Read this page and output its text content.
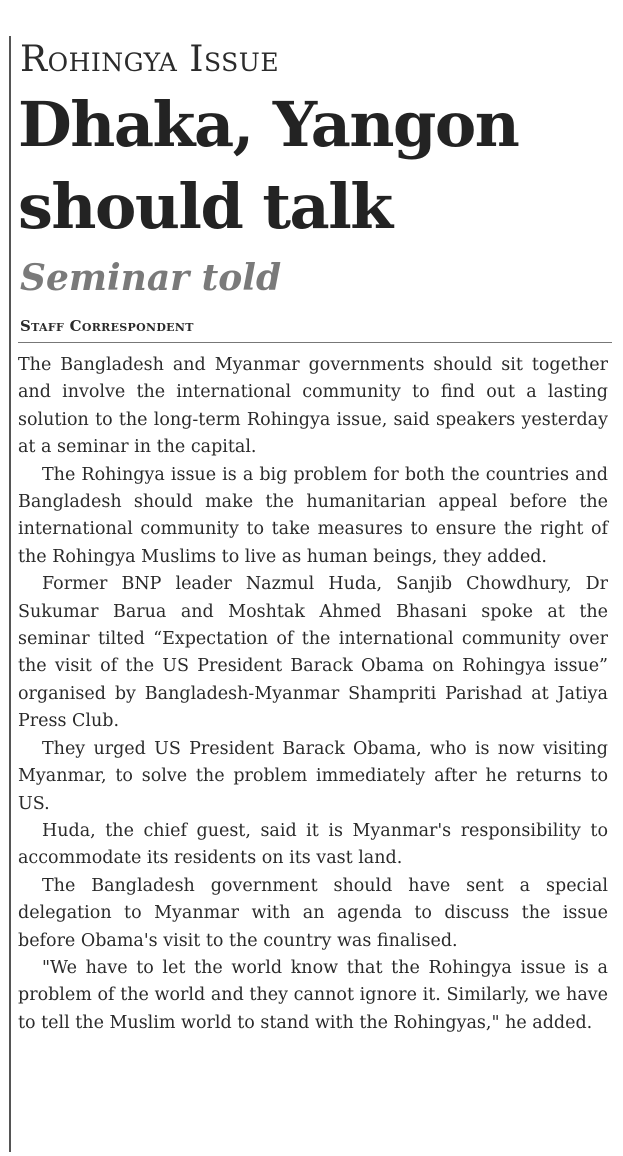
Rohingya Issue
Dhaka, Yangon should talk
Seminar told
Staff Correspondent

The Bangladesh and Myanmar governments should sit together and involve the international community to find out a lasting solution to the long-term Rohingya issue, said speakers yesterday at a seminar in the capital.

The Rohingya issue is a big problem for both the countries and Bangladesh should make the humanitarian appeal before the international community to take measures to ensure the right of the Rohingya Muslims to live as human beings, they added.

Former BNP leader Nazmul Huda, Sanjib Chowdhury, Dr Sukumar Barua and Moshtak Ahmed Bhasani spoke at the seminar tilted “Expectation of the international community over the visit of the US President Barack Obama on Rohingya issue” organised by Bangladesh-Myanmar Shampriti Parishad at Jatiya Press Club.

They urged US President Barack Obama, who is now visiting Myanmar, to solve the problem immediately after he returns to US.

Huda, the chief guest, said it is Myanmar's responsibility to accommodate its residents on its vast land.

The Bangladesh government should have sent a special delegation to Myanmar with an agenda to discuss the issue before Obama's visit to the country was finalised.

"We have to let the world know that the Rohingya issue is a problem of the world and they cannot ignore it. Similarly, we have to tell the Muslim world to stand with the Rohingyas," he added.
